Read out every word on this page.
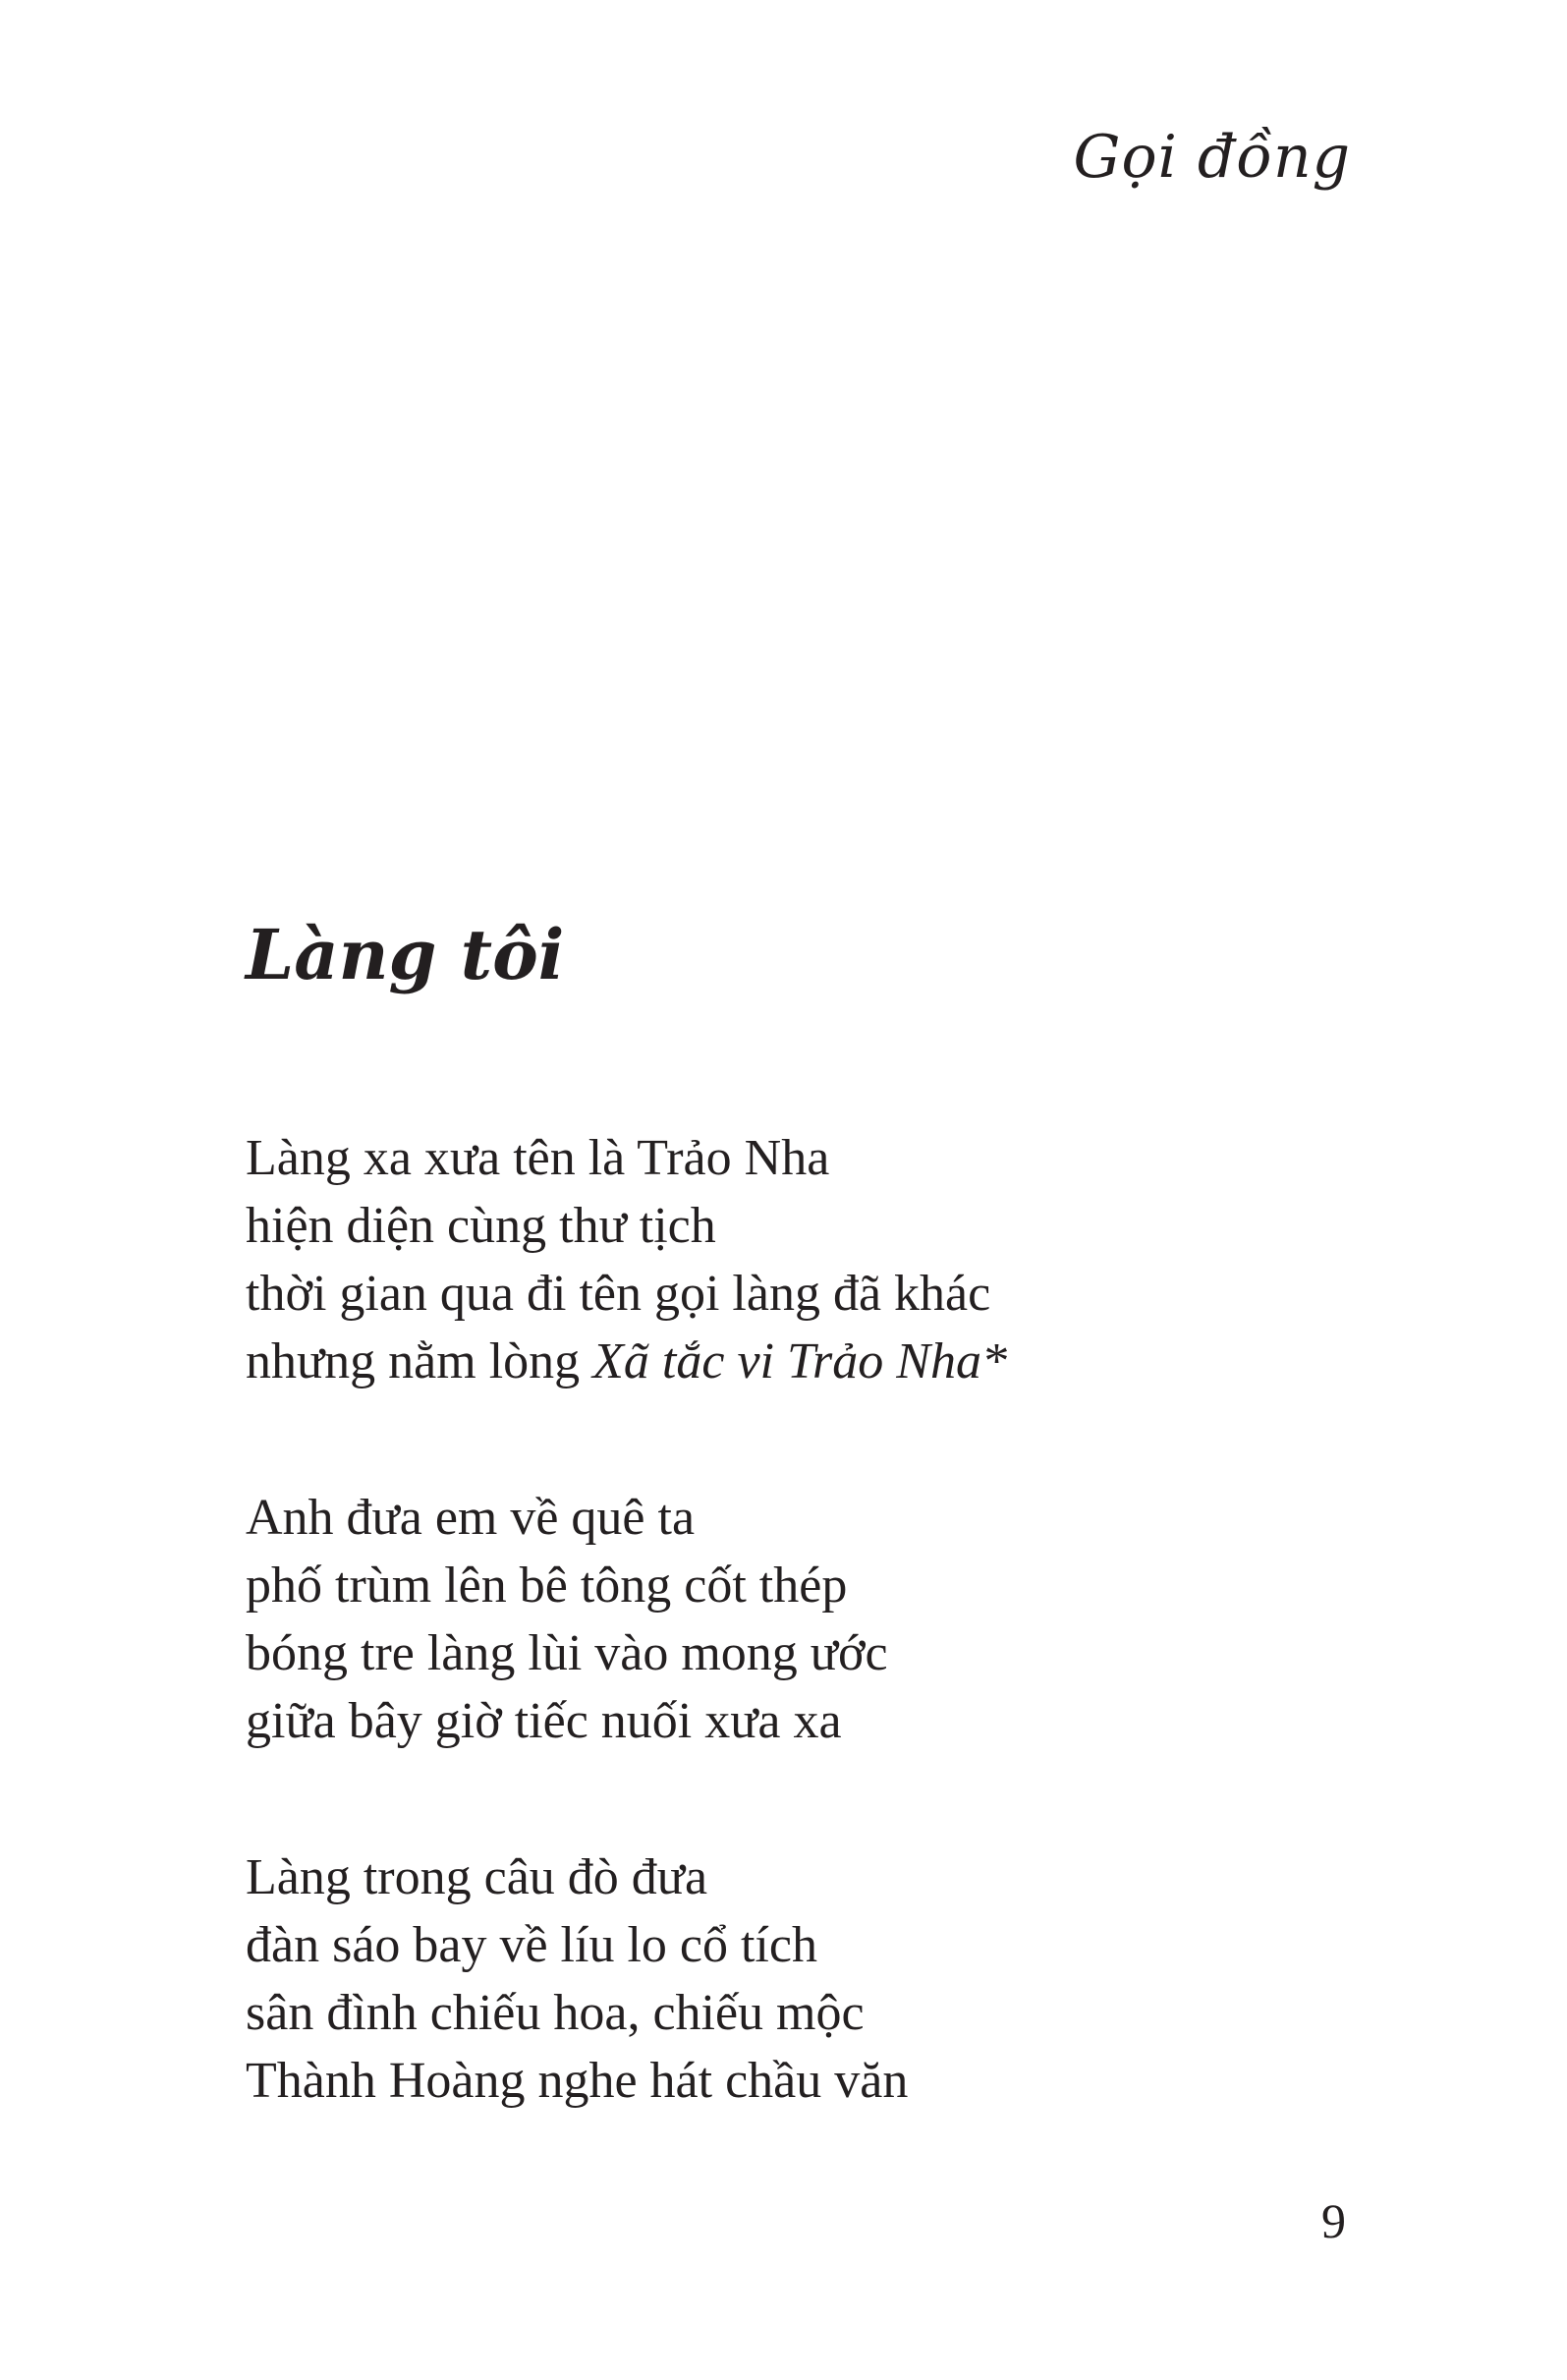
Gọi đồng
Làng tôi
Làng xa xưa tên là Trảo Nha
hiện diện cùng thư tịch
thời gian qua đi tên gọi làng đã khác
nhưng nằm lòng Xã tắc vi Trảo Nha*
Anh đưa em về quê ta
phố trùm lên bê tông cốt thép
bóng tre làng lùi vào mong ước
giữa bây giờ tiếc nuối xưa xa
Làng trong câu đò đưa
đàn sáo bay về líu lo cổ tích
sân đình chiếu hoa, chiếu mộc
Thành Hoàng nghe hát chầu văn
9
